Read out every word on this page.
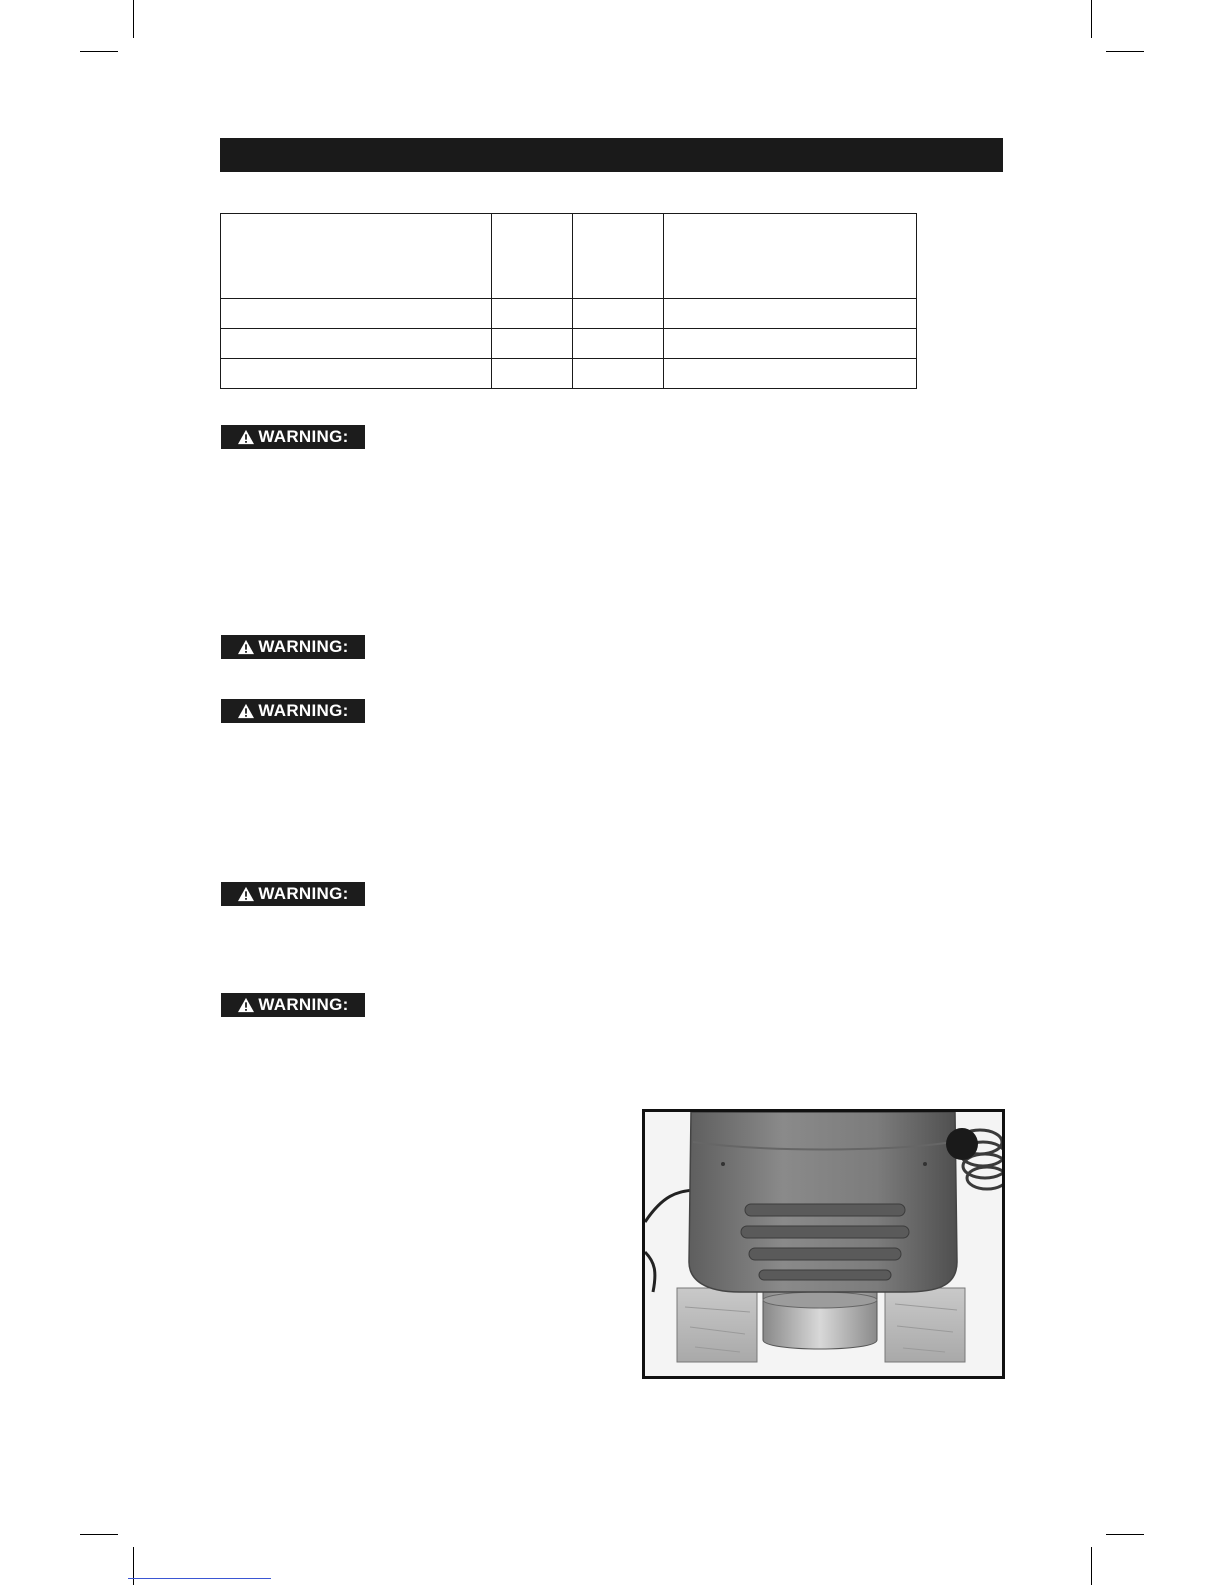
WARNING:
WARNING:
WARNING:
WARNING:
WARNING:
